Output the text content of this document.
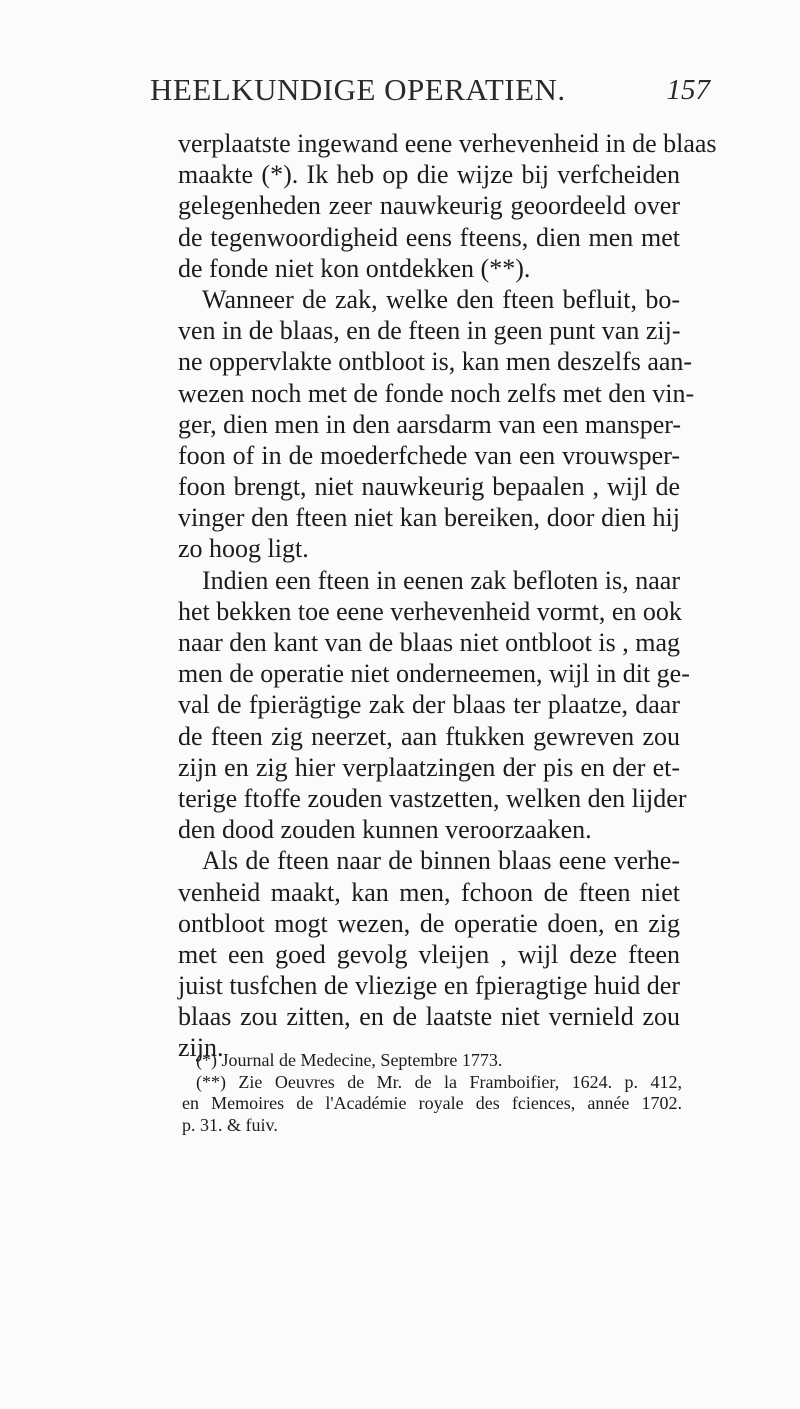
HEELKUNDIGE OPERATIEN.	157
verplaatste ingewand eene verhevenheid in de blaas
maakte (*). Ik heb op die wijze bij verfcheiden
gelegenheden zeer nauwkeurig geoordeeld over
de tegenwoordigheid eens fteens, dien men met
de fonde niet kon ontdekken (**).
Wanneer de zak, welke den fteen befluit, bo-
ven in de blaas, en de fteen in geen punt van zij-
ne oppervlakte ontbloot is, kan men deszelfs aan-
wezen noch met de fonde noch zelfs met den vin-
ger, dien men in den aarsdarm van een mansper-
foon of in de moederfchede van een vrouwsper-
foon brengt, niet nauwkeurig bepaalen , wijl de
vinger den fteen niet kan bereiken, door dien hij
zo hoog ligt.
Indien een fteen in eenen zak befloten is, naar
het bekken toe eene verhevenheid vormt, en ook
naar den kant van de blaas niet ontbloot is , mag
men de operatie niet onderneemen, wijl in dit ge-
val de fpierägtige zak der blaas ter plaatze, daar
de fteen zig neerzet, aan ftukken gewreven zou
zijn en zig hier verplaatzingen der pis en der et-
terige ftoffe zouden vastzetten, welken den lijder
den dood zouden kunnen veroorzaaken.
Als de fteen naar de binnen blaas eene verhe-
venheid maakt, kan men, fchoon de fteen niet
ontbloot mogt wezen, de operatie doen, en zig
met een goed gevolg vleijen , wijl deze fteen
juist tusfchen de vliezige en fpieragtige huid der
blaas zou zitten, en de laatste niet vernield zou
zijn.
(*) Journal de Medecine, Septembre 1773.
(**) Zie Oeuvres de Mr. de la Framboifier, 1624. p. 412,
en Memoires de l'Académie royale des fciences, année 1702.
p. 31. & fuiv.
